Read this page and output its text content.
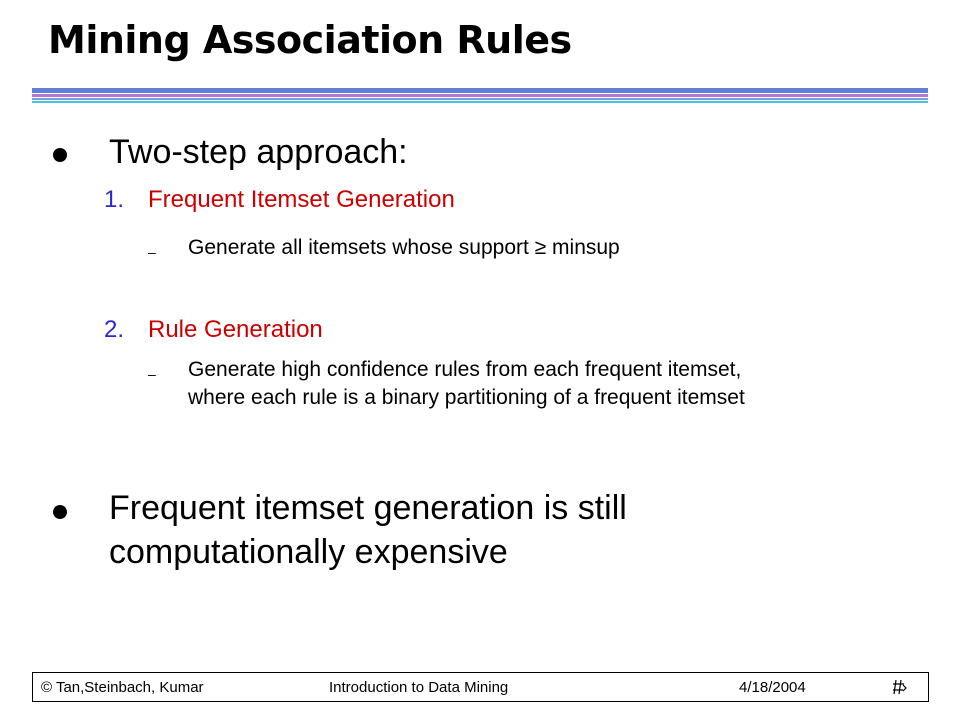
Mining Association Rules

Two-step approach:

1. Frequent Itemset Generation
– Generate all itemsets whose support ≥ minsup

2. Rule Generation
– Generate high confidence rules from each frequent itemset,

where each rule is a binary partitioning of a frequent itemset

Frequent itemset generation is still

computationally expensive

© Tan,Steinbach, Kumar	Introduction to Data Mining	4/18/2004
